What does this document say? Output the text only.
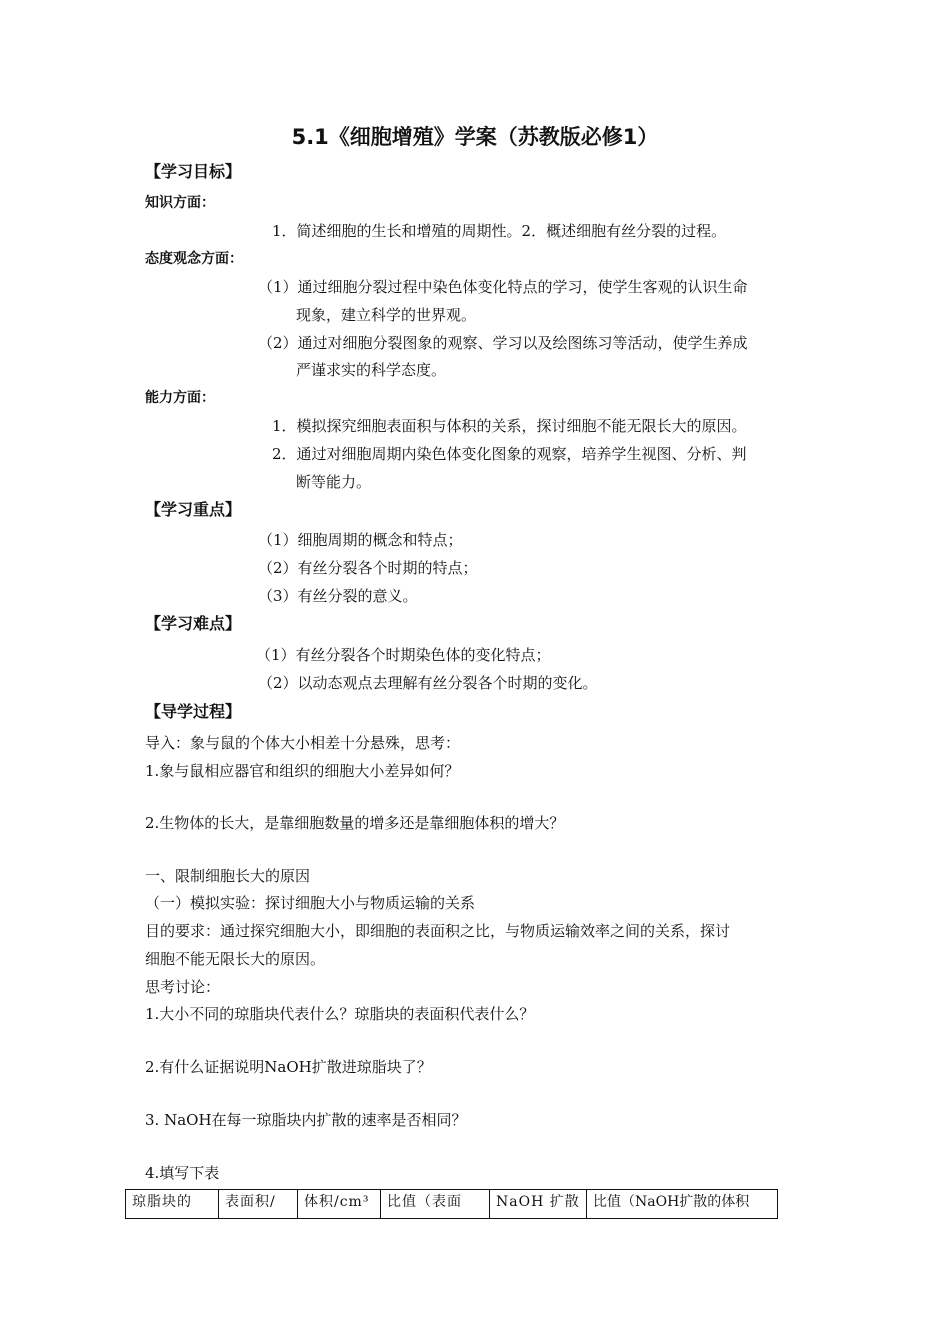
5.1《细胞增殖》学案（苏教版必修1）
【学习目标】
知识方面：
1．简述细胞的生长和增殖的周期性。2．概述细胞有丝分裂的过程。
态度观念方面：
（1）通过细胞分裂过程中染色体变化特点的学习，使学生客观的认识生命
现象，建立科学的世界观。
（2）通过对细胞分裂图象的观察、学习以及绘图练习等活动，使学生养成
严谨求实的科学态度。
能力方面：
1．模拟探究细胞表面积与体积的关系，探讨细胞不能无限长大的原因。
2．通过对细胞周期内染色体变化图象的观察，培养学生视图、分析、判
断等能力。
【学习重点】
（1）细胞周期的概念和特点；
（2）有丝分裂各个时期的特点；
（3）有丝分裂的意义。
【学习难点】
（1）有丝分裂各个时期染色体的变化特点；
（2）以动态观点去理解有丝分裂各个时期的变化。
【导学过程】
导入：象与鼠的个体大小相差十分悬殊，思考：
1.象与鼠相应器官和组织的细胞大小差异如何？
2.生物体的长大，是靠细胞数量的增多还是靠细胞体积的增大？
一、限制细胞长大的原因
（一）模拟实验：探讨细胞大小与物质运输的关系
目的要求：通过探究细胞大小，即细胞的表面积之比，与物质运输效率之间的关系，探讨
细胞不能无限长大的原因。
思考讨论：
1.大小不同的琼脂块代表什么？琼脂块的表面积代表什么？
2.有什么证据说明NaOH扩散进琼脂块了？
3. NaOH在每一琼脂块内扩散的速率是否相同？
4.填写下表
琼脂块的	表面积/	体积/cm³	比值（表面	NaOH 扩散	比值（NaOH扩散的体积
